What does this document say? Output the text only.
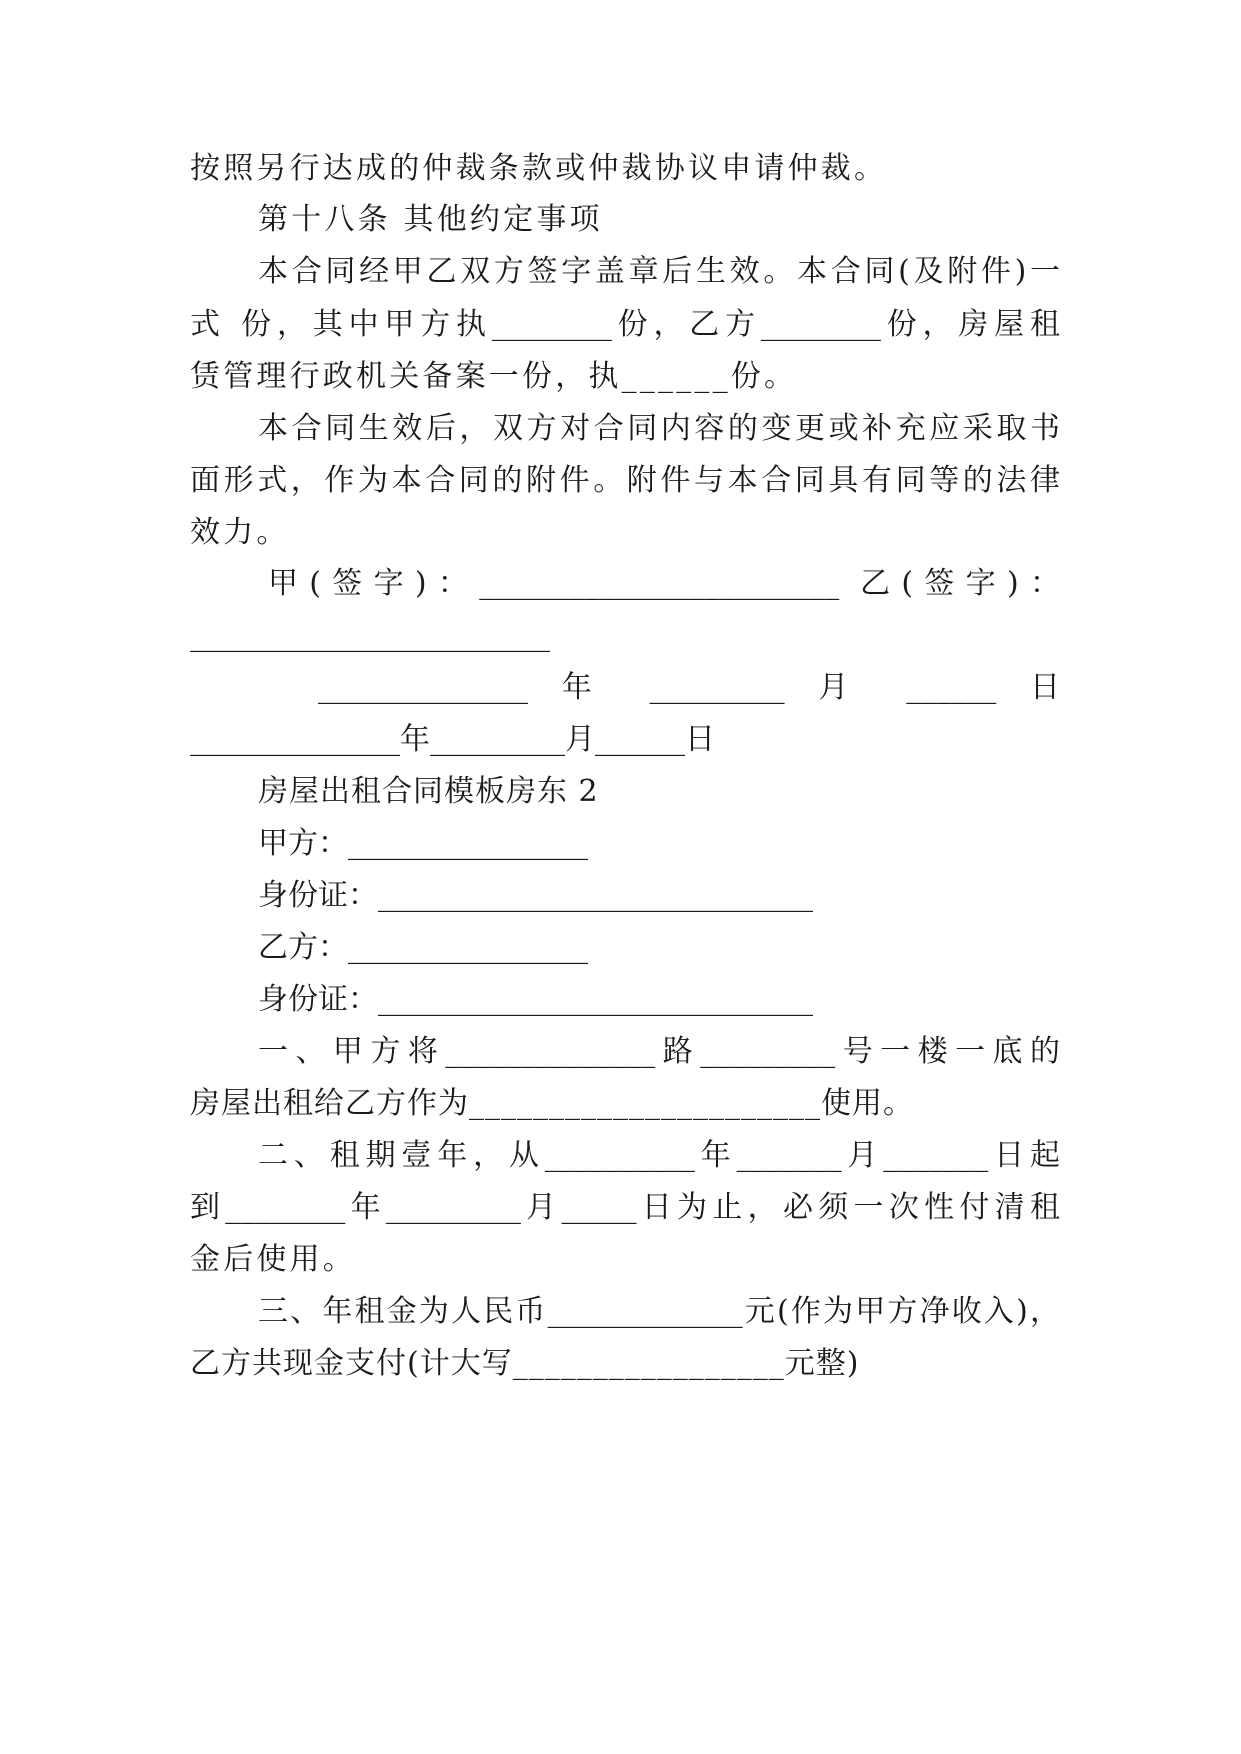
按照另行达成的仲裁条款或仲裁协议申请仲裁。
第十八条 其他约定事项
本合同经甲乙双方签字盖章后生效。本合同(及附件)一
式 份，其中甲方执________份，乙方________份，房屋租
赁管理行政机关备案一份，执______份。
本合同生效后，双方对合同内容的变更或补充应采取书
面形式，作为本合同的附件。附件与本合同具有同等的法律
效力。
甲(签字)：________________________ 乙(签字)：
________________________
______________ 年 _________ 月 ______ 日
______________年_________月______日
房屋出租合同模板房东 2
甲方：________________
身份证：_____________________________
乙方：________________
身份证：_____________________________
一、甲方将______________路_________号一楼一底的
房屋出租给乙方作为______________________使用。
二、租期壹年，从__________年_______月_______日起
到________年_________月_____日为止，必须一次性付清租
金后使用。
三、年租金为人民币_____________元(作为甲方净收入)，
乙方共现金支付(计大写_________________元整)
